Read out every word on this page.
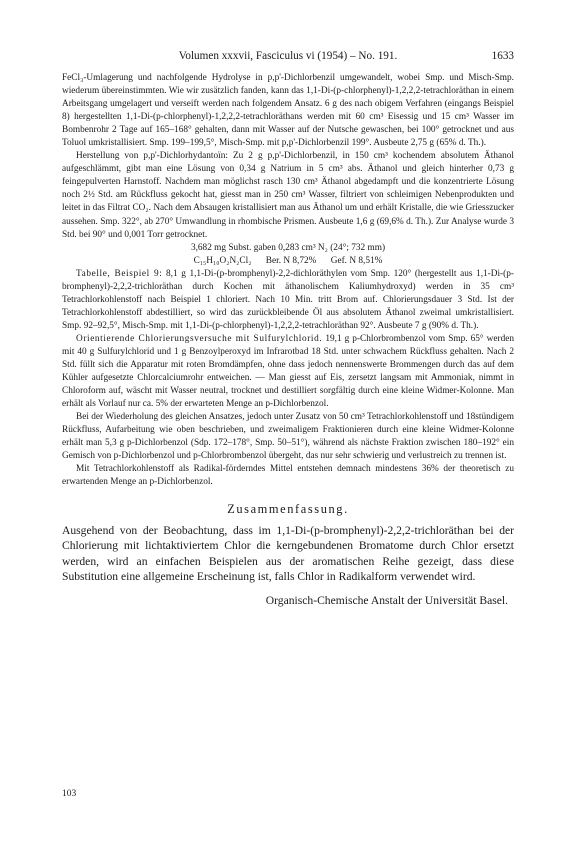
Volumen xxxvii, Fasciculus vi (1954) – No. 191.	1633

FeCl₃-Umlagerung und nachfolgende Hydrolyse in p,p'-Dichlorbenzil umgewandelt, wobei Smp. und Misch-Smp. wiederum übereinstimmten. Wie wir zusätzlich fanden, kann das 1,1-Di-(p-chlorphenyl)-1,2,2,2-tetrachloräthan in einem Arbeitsgang umgelagert und verseift werden nach folgendem Ansatz. 6 g des nach obigem Verfahren (eingangs Beispiel 8) hergestellten 1,1-Di-(p-chlorphenyl)-1,2,2,2-tetrachloräthans werden mit 60 cm³ Eisessig und 15 cm³ Wasser im Bombenrohr 2 Tage auf 165–168° gehalten, dann mit Wasser auf der Nutsche gewaschen, bei 100° getrocknet und aus Toluol umkristallisiert. Smp. 199–199,5°, Misch-Smp. mit p,p'-Dichlorbenzil 199°. Ausbeute 2,75 g (65% d. Th.).

Herstellung von p,p'-Dichlorhydantoïn: Zu 2 g p,p'-Dichlorbenzil, in 150 cm³ kochendem absolutem Äthanol aufgeschlämmt, gibt man eine Lösung von 0,34 g Natrium in 5 cm³ abs. Äthanol und gleich hinterher 0,73 g feingepulverten Harnstoff. Nachdem man möglichst rasch 130 cm³ Äthanol abgedampft und die konzentrierte Lösung noch 2½ Std. am Rückfluss gekocht hat, giesst man in 250 cm³ Wasser, filtriert von schleimigen Nebenprodukten und leitet in das Filtrat CO₂. Nach dem Absaugen kristallisiert man aus Äthanol um und erhält Kristalle, die wie Griesszucker aussehen. Smp. 322°, ab 270° Umwandlung in rhombische Prismen. Ausbeute 1,6 g (69,6% d. Th.). Zur Analyse wurde 3 Std. bei 90° und 0,001 Torr getrocknet.

3,682 mg Subst. gaben 0,283 cm³ N₂ (24°; 732 mm)

C₁₅H₁₀O₂N₂Cl₂ Ber. N 8,72% Gef. N 8,51%

Tabelle, Beispiel 9: 8,1 g 1,1-Di-(p-bromphenyl)-2,2-dichloräthylen vom Smp. 120° (hergestellt aus 1,1-Di-(p-bromphenyl)-2,2,2-trichloräthan durch Kochen mit äthanolischem Kaliumhydroxyd) werden in 35 cm³ Tetrachlorkohlenstoff nach Beispiel 1 chloriert. Nach 10 Min. tritt Brom auf. Chlorierungsdauer 3 Std. Ist der Tetrachlorkohlenstoff abdestilliert, so wird das zurückbleibende Öl aus absolutem Äthanol zweimal umkristallisiert. Smp. 92–92,5°, Misch-Smp. mit 1,1-Di-(p-chlorphenyl)-1,2,2,2-tetrachloräthan 92°. Ausbeute 7 g (90% d. Th.).

Orientierende Chlorierungsversuche mit Sulfurylchlorid. 19,1 g p-Chlorbrombenzol vom Smp. 65° werden mit 40 g Sulfurylchlorid und 1 g Benzoylperoxyd im Infrarotbad 18 Std. unter schwachem Rückfluss gehalten. Nach 2 Std. füllt sich die Apparatur mit roten Bromdämpfen, ohne dass jedoch nennenswerte Brommengen durch das auf dem Kühler aufgesetzte Chlorcalciumrohr entweichen. — Man giesst auf Eis, zersetzt langsam mit Ammoniak, nimmt in Chloroform auf, wäscht mit Wasser neutral, trocknet und destilliert sorgfältig durch eine kleine Widmer-Kolonne. Man erhält als Vorlauf nur ca. 5% der erwarteten Menge an p-Dichlorbenzol.

Bei der Wiederholung des gleichen Ansatzes, jedoch unter Zusatz von 50 cm³ Tetrachlorkohlenstoff und 18stündigem Rückfluss, Aufarbeitung wie oben beschrieben, und zweimaligem Fraktionieren durch eine kleine Widmer-Kolonne erhält man 5,3 g p-Dichlorbenzol (Sdp. 172–178°, Smp. 50–51°), während als nächste Fraktion zwischen 180–192° ein Gemisch von p-Dichlorbenzol und p-Chlorbrombenzol übergeht, das nur sehr schwierig und verlustreich zu trennen ist.

Mit Tetrachlorkohlenstoff als Radikal-förderndes Mittel entstehen demnach mindestens 36% der theoretisch zu erwartenden Menge an p-Dichlorbenzol.

Zusammenfassung.

Ausgehend von der Beobachtung, dass im 1,1-Di-(p-bromphenyl)-2,2,2-trichloräthan bei der Chlorierung mit lichtaktiviertem Chlor die kerngebundenen Bromatome durch Chlor ersetzt werden, wird an einfachen Beispielen aus der aromatischen Reihe gezeigt, dass diese Substitution eine allgemeine Erscheinung ist, falls Chlor in Radikalform verwendet wird.

Organisch-Chemische Anstalt der Universität Basel.
103
